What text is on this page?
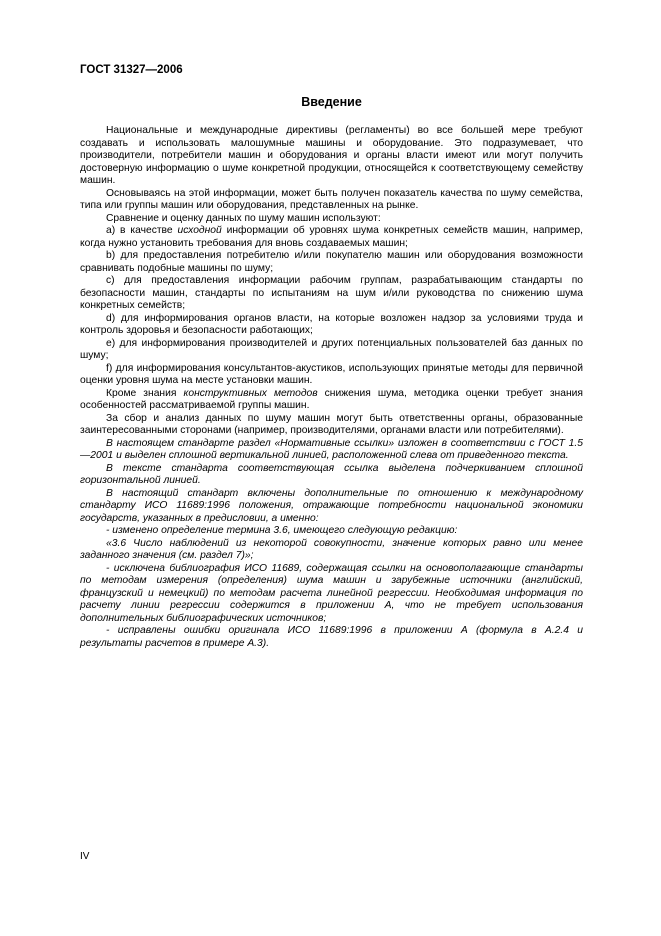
ГОСТ 31327—2006
Введение

Национальные и международные директивы (регламенты) во все большей мере требуют создавать и использовать малошумные машины и оборудование. Это подразумевает, что производители, потребители машин и оборудования и органы власти имеют или могут получить достоверную информацию о шуме конкретной продукции, относящейся к соответствующему семейству машин.

Основываясь на этой информации, может быть получен показатель качества по шуму семейства, типа или группы машин или оборудования, представленных на рынке.

Сравнение и оценку данных по шуму машин используют:

а) в качестве исходной информации об уровнях шума конкретных семейств машин, например, когда нужно установить требования для вновь создаваемых машин;

b) для предоставления потребителю и/или покупателю машин или оборудования возможности сравнивать подобные машины по шуму;

c) для предоставления информации рабочим группам, разрабатывающим стандарты по безопасности машин, стандарты по испытаниям на шум и/или руководства по снижению шума конкретных семейств;

d) для информирования органов власти, на которые возложен надзор за условиями труда и контроль здоровья и безопасности работающих;

e) для информирования производителей и других потенциальных пользователей баз данных по шуму;

f) для информирования консультантов-акустиков, использующих принятые методы для первичной оценки уровня шума на месте установки машин.

Кроме знания конструктивных методов снижения шума, методика оценки требует знания особенностей рассматриваемой группы машин.

За сбор и анализ данных по шуму машин могут быть ответственны органы, образованные заинтересованными сторонами (например, производителями, органами власти или потребителями).

В настоящем стандарте раздел «Нормативные ссылки» изложен в соответствии с ГОСТ 1.5—2001 и выделен сплошной вертикальной линией, расположенной слева от приведенного текста.

В тексте стандарта соответствующая ссылка выделена подчеркиванием сплошной горизонтальной линией.

В настоящий стандарт включены дополнительные по отношению к международному стандарту ИСО 11689:1996 положения, отражающие потребности национальной экономики государств, указанных в предисловии, а именно:

- изменено определение термина 3.6, имеющего следующую редакцию:

«3.6 Число наблюдений из некоторой совокупности, значение которых равно или менее заданного значения (см. раздел 7)»;

- исключена библиография ИСО 11689, содержащая ссылки на основополагающие стандарты по методам измерения (определения) шума машин и зарубежные источники (английский, французский и немецкий) по методам расчета линейной регрессии. Необходимая информация по расчету линии регрессии содержится в приложении А, что не требует использования дополнительных библиографических источников;

- исправлены ошибки оригинала ИСО 11689:1996 в приложении А (формула в А.2.4 и результаты расчетов в примере А.3).

IV
